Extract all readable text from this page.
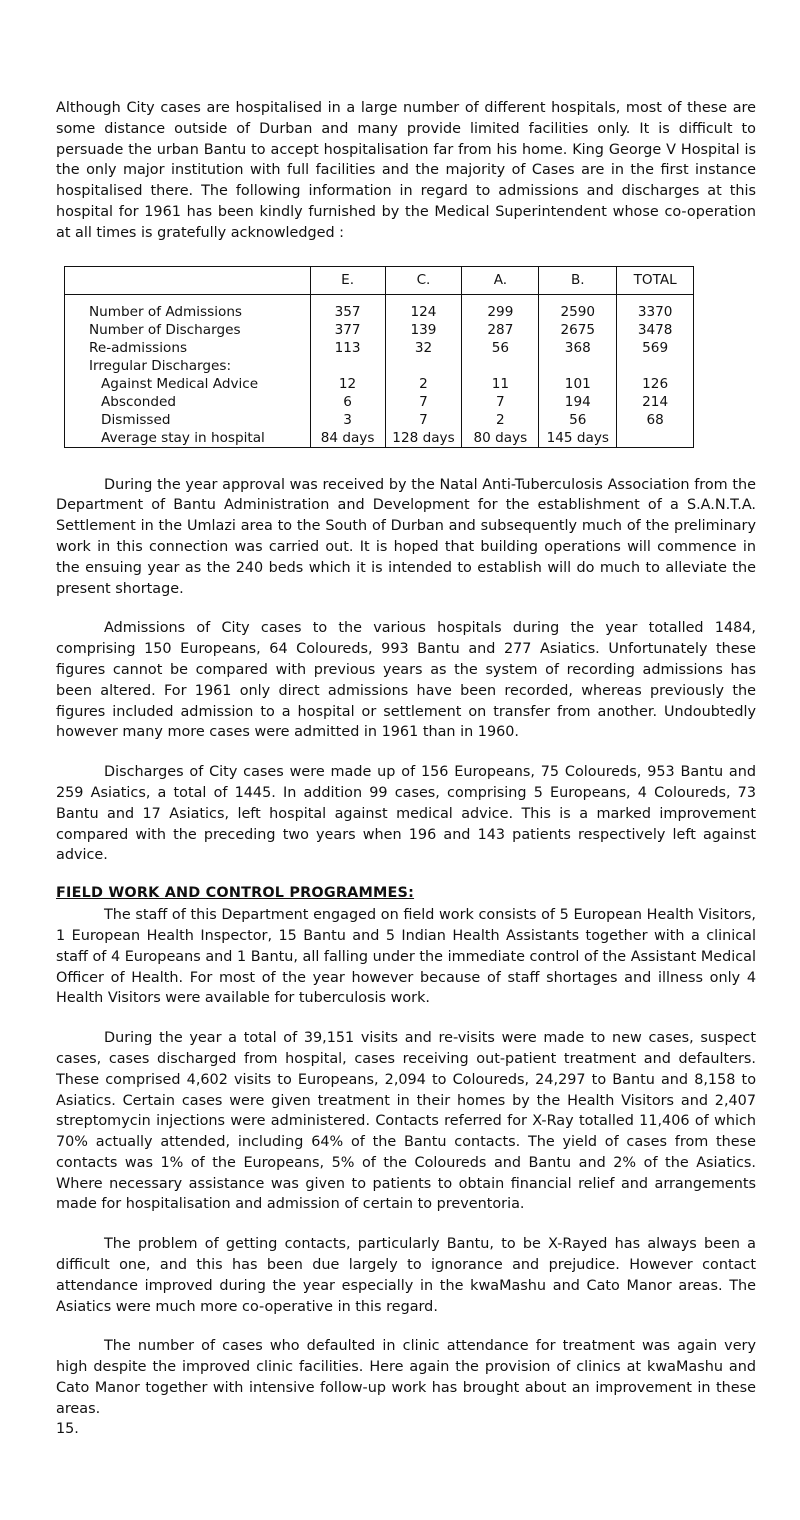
Although City cases are hospitalised in a large number of different hospitals, most of these are some distance outside of Durban and many provide limited facilities only. It is difficult to persuade the urban Bantu to accept hospitalisation far from his home. King George V Hospital is the only major institution with full facilities and the majority of Cases are in the first instance hospitalised there. The following information in regard to admissions and discharges at this hospital for 1961 has been kindly furnished by the Medical Superintendent whose co-operation at all times is gratefully acknowledged :

	E.	C.	A.	B.	TOTAL
Number of Admissions	357	124	299	2590	3370
Number of Discharges	377	139	287	2675	3478
Re-admissions	113	32	56	368	569
Irregular Discharges:					
Against Medical Advice	12	2	11	101	126
Absconded	6	7	7	194	214
Dismissed	3	7	2	56	68
Average stay in hospital	84 days	128 days	80 days	145 days	

During the year approval was received by the Natal Anti-Tuberculosis Association from the Department of Bantu Administration and Development for the establishment of a S.A.N.T.A. Settlement in the Umlazi area to the South of Durban and subsequently much of the preliminary work in this connection was carried out. It is hoped that building operations will commence in the ensuing year as the 240 beds which it is intended to establish will do much to alleviate the present shortage.

Admissions of City cases to the various hospitals during the year totalled 1484, comprising 150 Europeans, 64 Coloureds, 993 Bantu and 277 Asiatics. Unfortunately these figures cannot be compared with previous years as the system of recording admissions has been altered. For 1961 only direct admissions have been recorded, whereas previously the figures included admission to a hospital or settlement on transfer from another. Undoubtedly however many more cases were admitted in 1961 than in 1960.

Discharges of City cases were made up of 156 Europeans, 75 Coloureds, 953 Bantu and 259 Asiatics, a total of 1445. In addition 99 cases, comprising 5 Europeans, 4 Coloureds, 73 Bantu and 17 Asiatics, left hospital against medical advice. This is a marked improvement compared with the preceding two years when 196 and 143 patients respectively left against advice.

FIELD WORK AND CONTROL PROGRAMMES:

The staff of this Department engaged on field work consists of 5 European Health Visitors, 1 European Health Inspector, 15 Bantu and 5 Indian Health Assistants together with a clinical staff of 4 Europeans and 1 Bantu, all falling under the immediate control of the Assistant Medical Officer of Health. For most of the year however because of staff shortages and illness only 4 Health Visitors were available for tuberculosis work.

During the year a total of 39,151 visits and re-visits were made to new cases, suspect cases, cases discharged from hospital, cases receiving out-patient treatment and defaulters. These comprised 4,602 visits to Europeans, 2,094 to Coloureds, 24,297 to Bantu and 8,158 to Asiatics. Certain cases were given treatment in their homes by the Health Visitors and 2,407 streptomycin injections were administered. Contacts referred for X-Ray totalled 11,406 of which 70% actually attended, including 64% of the Bantu contacts. The yield of cases from these contacts was 1% of the Europeans, 5% of the Coloureds and Bantu and 2% of the Asiatics. Where necessary assistance was given to patients to obtain financial relief and arrangements made for hospitalisation and admission of certain to preventoria.

The problem of getting contacts, particularly Bantu, to be X-Rayed has always been a difficult one, and this has been due largely to ignorance and prejudice. However contact attendance improved during the year especially in the kwaMashu and Cato Manor areas. The Asiatics were much more co-operative in this regard.

The number of cases who defaulted in clinic attendance for treatment was again very high despite the improved clinic facilities. Here again the provision of clinics at kwaMashu and Cato Manor together with intensive follow-up work has brought about an improvement in these areas.

15.
